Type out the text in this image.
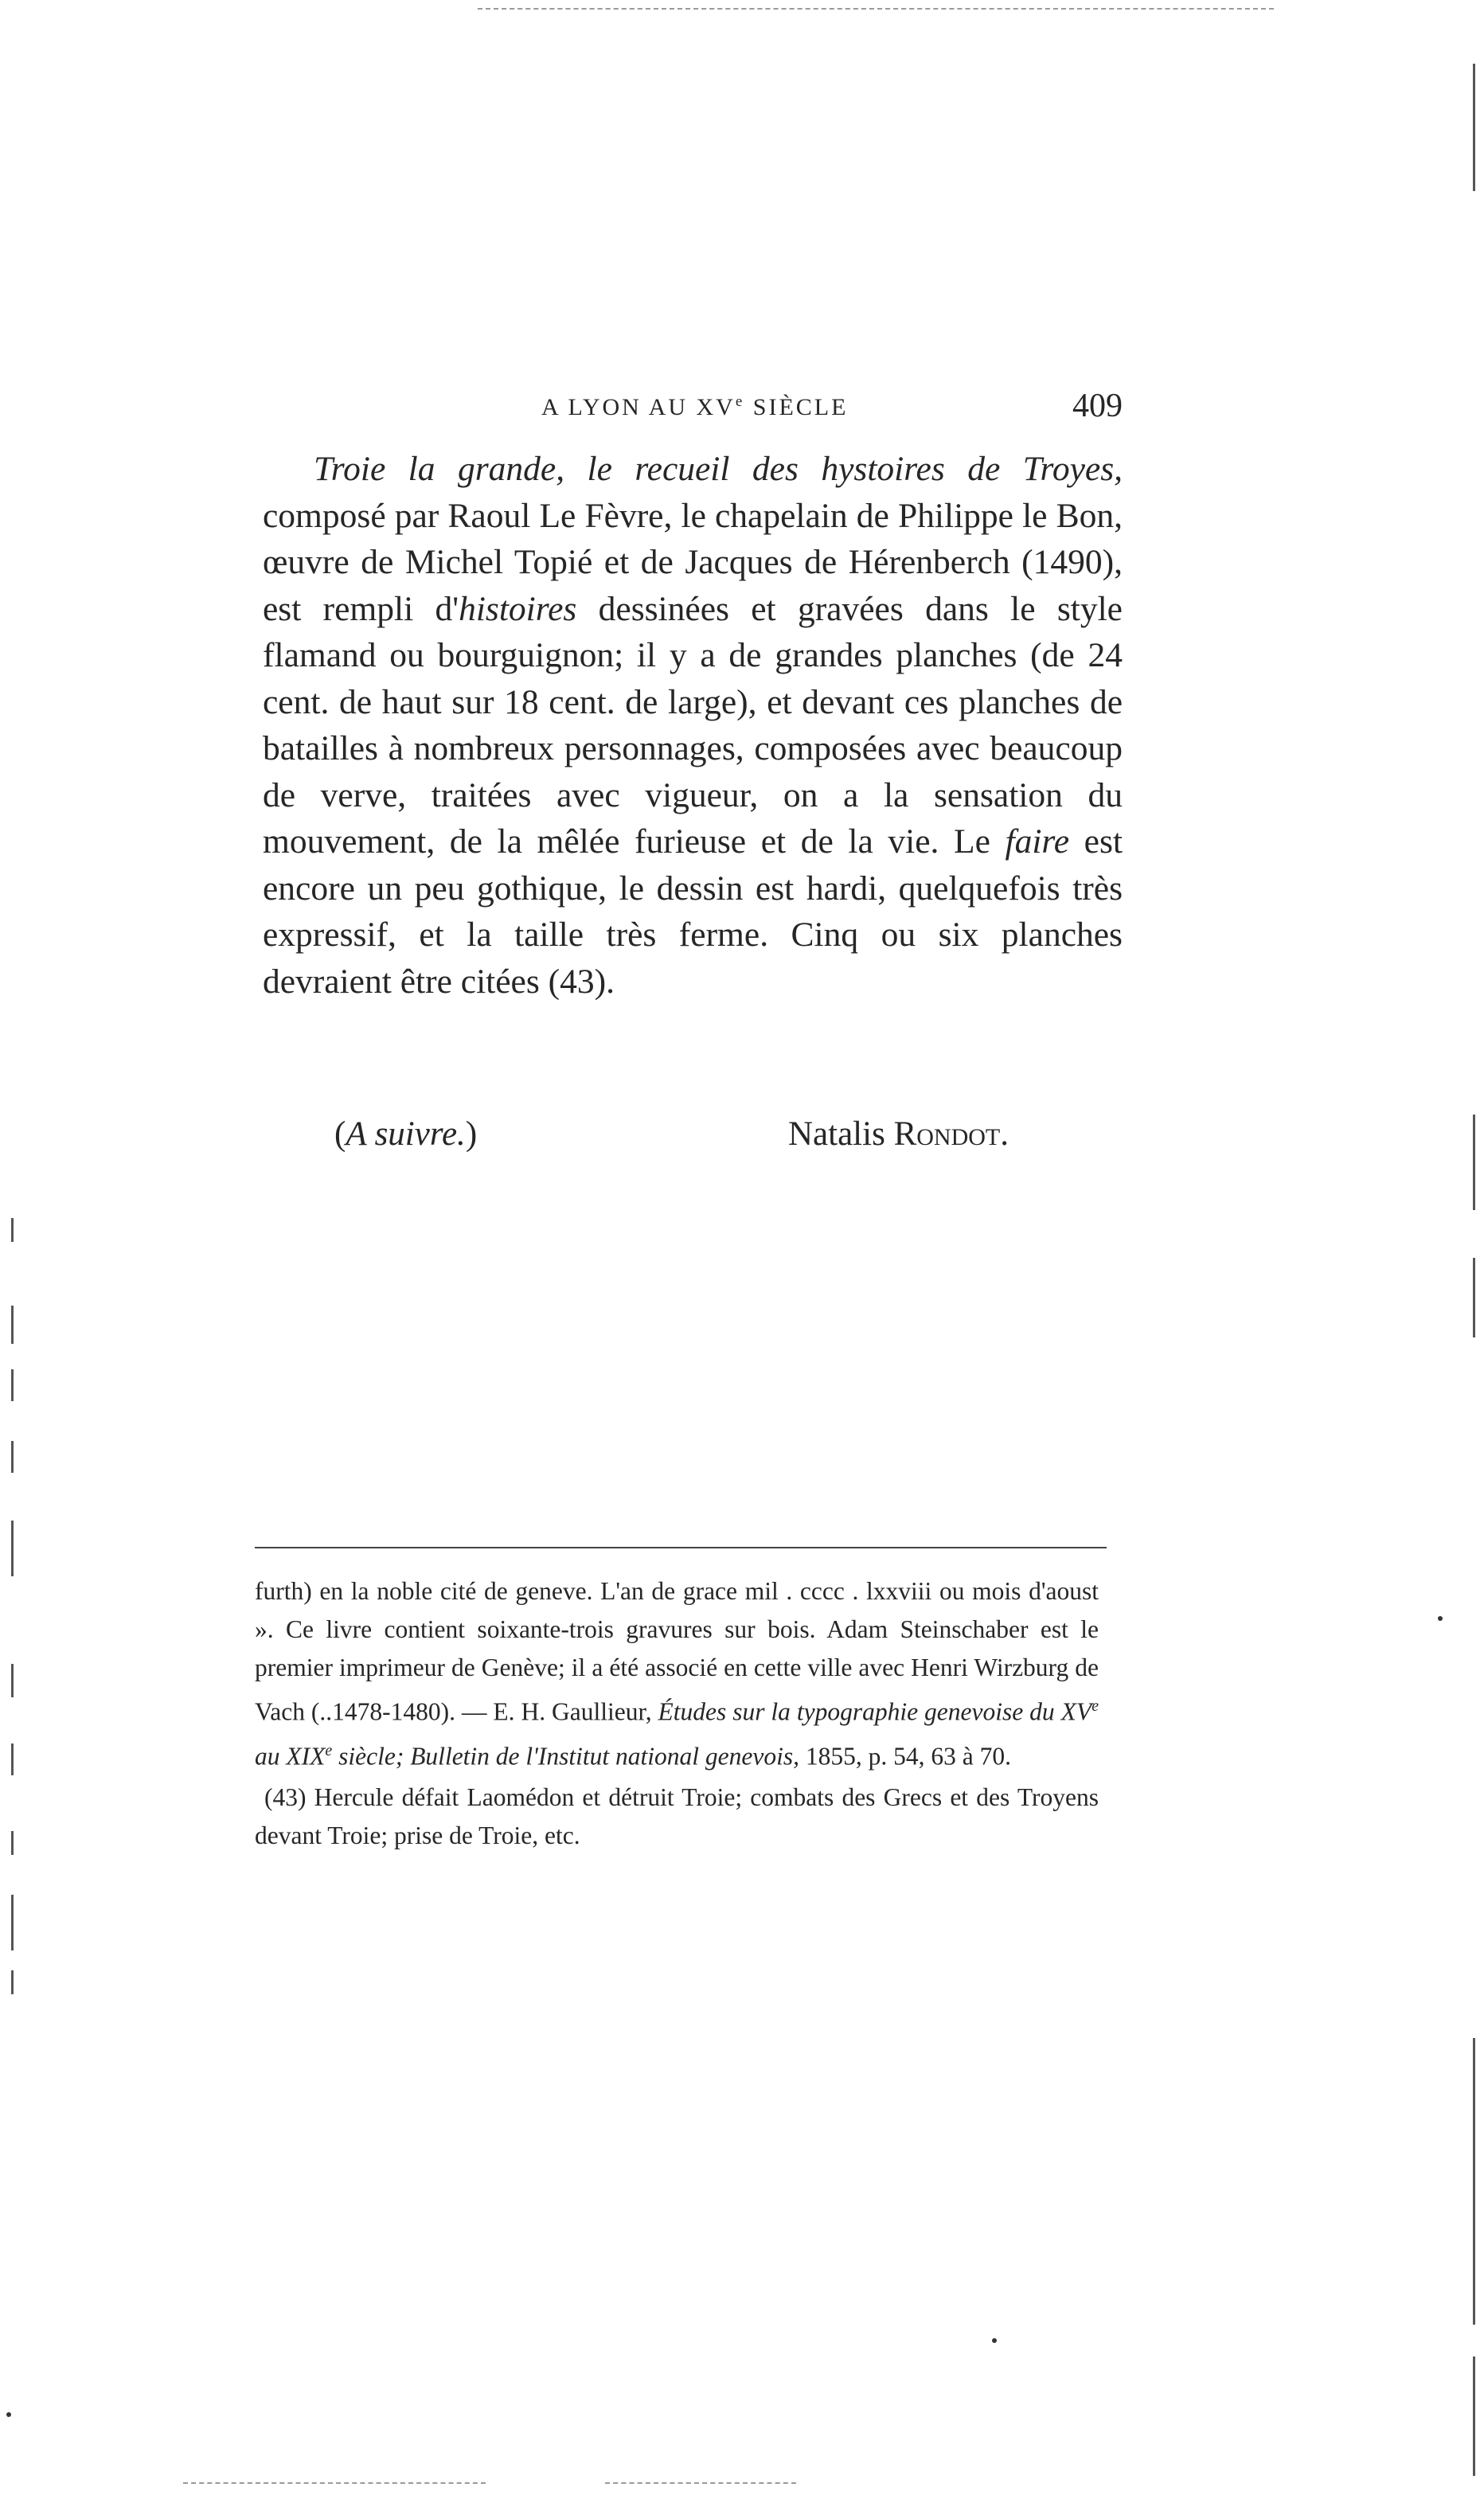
A LYON AU XVe SIÈCLE	409

Troie la grande, le recueil des hystoires de Troyes, composé par Raoul Le Fèvre, le chapelain de Philippe le Bon, œuvre de Michel Topié et de Jacques de Hérenberch (1490), est rempli d'histoires dessinées et gravées dans le style flamand ou bourguignon; il y a de grandes planches (de 24 cent. de haut sur 18 cent. de large), et devant ces planches de batailles à nombreux personnages, composées avec beaucoup de verve, traitées avec vigueur, on a la sensation du mouvement, de la mêlée furieuse et de la vie. Le faire est encore un peu gothique, le dessin est hardi, quelquefois très expressif, et la taille très ferme. Cinq ou six planches devraient être citées (43).

(A suivre.)	Natalis Rondot.

furth) en la noble cité de geneve. L'an de grace mil . cccc . lxxviii ou mois d'aoust ». Ce livre contient soixante-trois gravures sur bois. Adam Steinschaber est le premier imprimeur de Genève; il a été associé en cette ville avec Henri Wirzburg de Vach (..1478-1480). — E. H. Gaullieur, Études sur la typographie genevoise du XVe au XIXe siècle; Bulletin de l'Institut national genevois, 1855, p. 54, 63 à 70.

(43) Hercule défait Laomédon et détruit Troie; combats des Grecs et des Troyens devant Troie; prise de Troie, etc.
